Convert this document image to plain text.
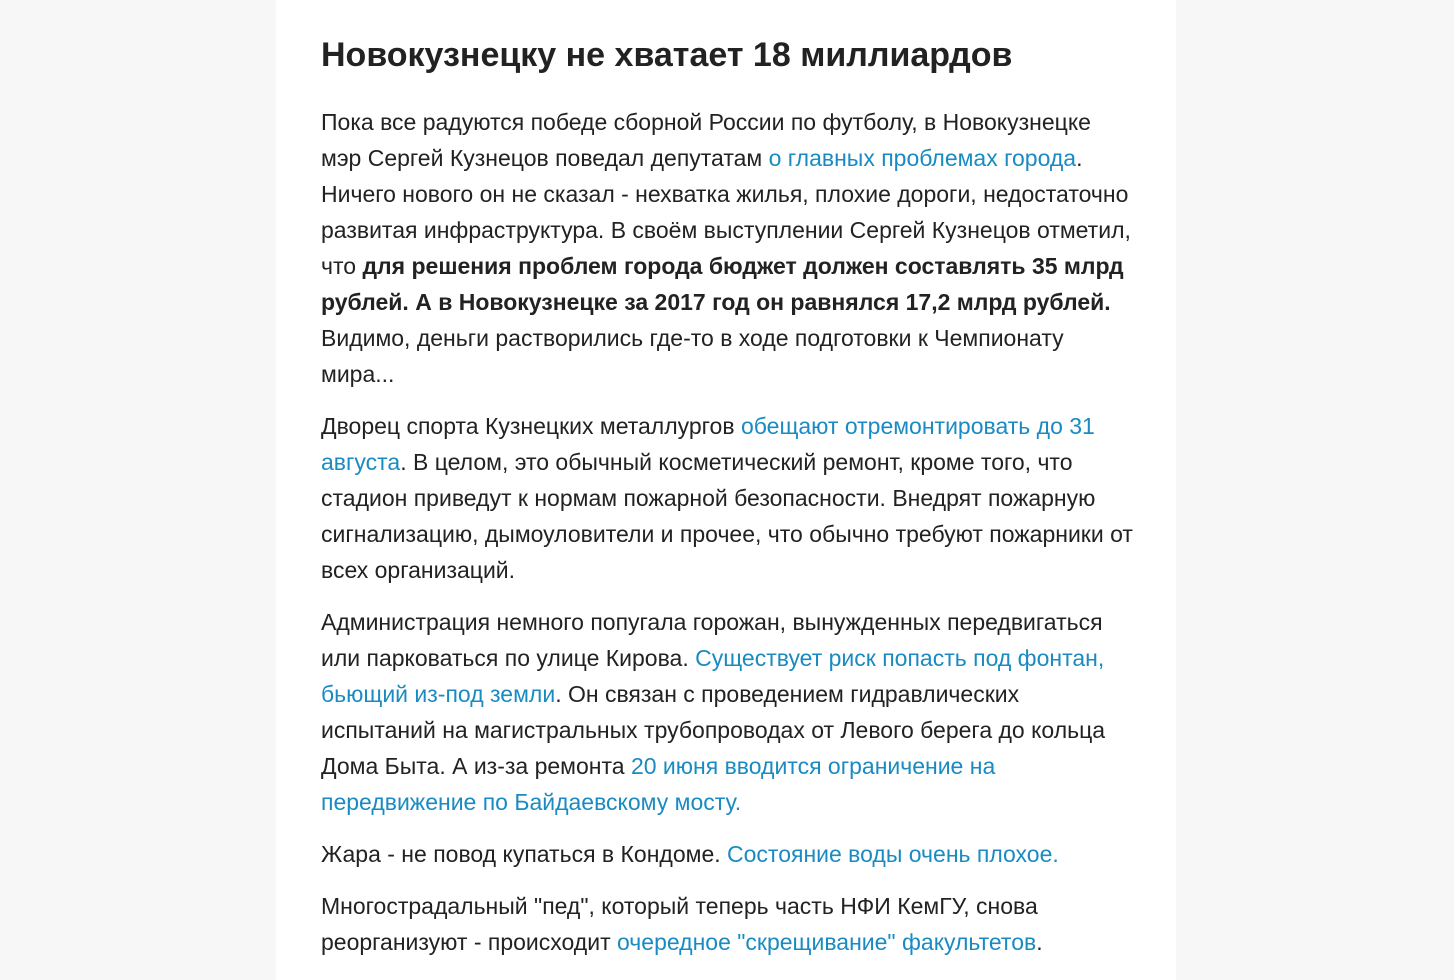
Новокузнецку не хватает 18 миллиардов

Пока все радуются победе сборной России по футболу, в Новокузнецке мэр Сергей Кузнецов поведал депутатам о главных проблемах города. Ничего нового он не сказал - нехватка жилья, плохие дороги, недостаточно развитая инфраструктура. В своём выступлении Сергей Кузнецов отметил, что для решения проблем города бюджет должен составлять 35 млрд рублей. А в Новокузнецке за 2017 год он равнялся 17,2 млрд рублей. Видимо, деньги растворились где-то в ходе подготовки к Чемпионату мира...

Дворец спорта Кузнецких металлургов обещают отремонтировать до 31 августа. В целом, это обычный косметический ремонт, кроме того, что стадион приведут к нормам пожарной безопасности. Внедрят пожарную сигнализацию, дымоуловители и прочее, что обычно требуют пожарники от всех организаций.

Администрация немного попугала горожан, вынужденных передвигаться или парковаться по улице Кирова. Существует риск попасть под фонтан, бьющий из-под земли. Он связан с проведением гидравлических испытаний на магистральных трубопроводах от Левого берега до кольца Дома Быта. А из-за ремонта 20 июня вводится ограничение на передвижение по Байдаевскому мосту.

Жара - не повод купаться в Кондоме. Состояние воды очень плохое.

Многострадальный "пед", который теперь часть НФИ КемГУ, снова реорганизуют - происходит очередное "скрещивание" факультетов.
